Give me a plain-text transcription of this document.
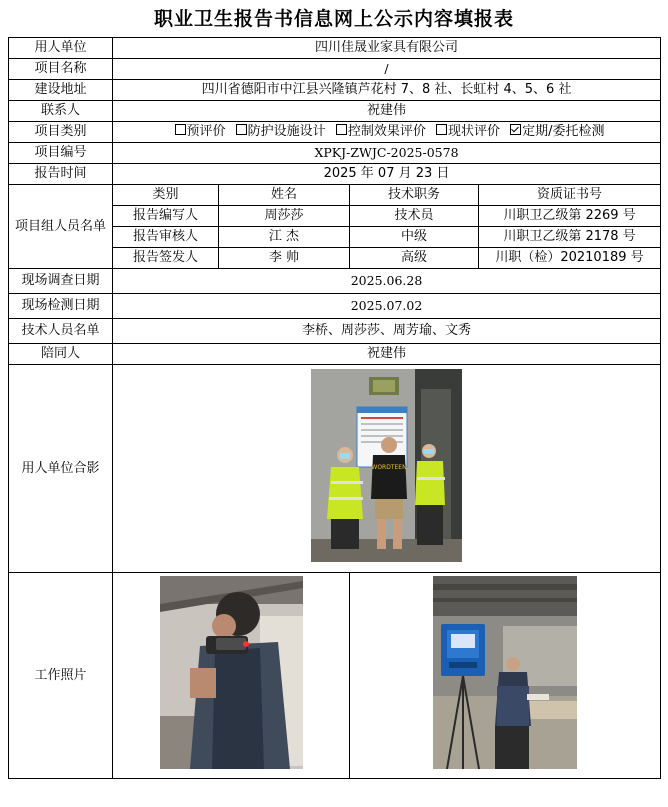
职业卫生报告书信息网上公示内容填报表
用人单位	四川佳晟业家具有限公司			
项目名称	/			
建设地址	四川省德阳市中江县兴隆镇芦花村 7、8 社、长虹村 4、5、6 社			
联系人	祝建伟			
项目类别	预评价 防护设施设计 控制效果评价 现状评价 定期/委托检测			
项目编号	XPKJ-ZWJC-2025-0578			
报告时间	2025 年 07 月 23 日			
项目组人员名单	类别	姓名	技术职务	资质证书号
	报告编写人	周莎莎	技术员	川职卫乙级第 2269 号
	报告审核人	江 杰	中级	川职卫乙级第 2178 号
	报告签发人	李 帅	高级	川职（检）20210189 号
现场调查日期	2025.06.28			
现场检测日期	2025.07.02			
技术人员名单	李桥、周莎莎、周芳瑜、文秀			
陪同人	祝建伟			
用人单位合影	WORDTEEN			

工作照片		
